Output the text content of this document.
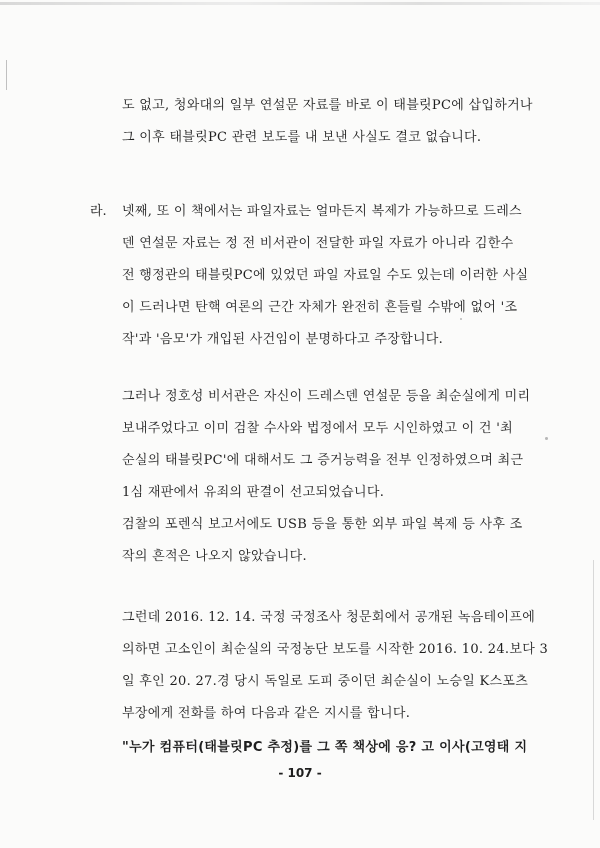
도 없고, 청와대의 일부 연설문 자료를 바로 이 태블릿PC에 삽입하거나
그 이후 태블릿PC 관련 보도를 내 보낸 사실도 결코 없습니다.
라. 넷째, 또 이 책에서는 파일자료는 얼마든지 복제가 가능하므로 드레스
덴 연설문 자료는 정 전 비서관이 전달한 파일 자료가 아니라 김한수
전 행정관의 태블릿PC에 있었던 파일 자료일 수도 있는데 이러한 사실
이 드러나면 탄핵 여론의 근간 자체가 완전히 흔들릴 수밖에 없어 '조
작'과 '음모'가 개입된 사건임이 분명하다고 주장합니다.
그러나 정호성 비서관은 자신이 드레스덴 연설문 등을 최순실에게 미리
보내주었다고 이미 검찰 수사와 법정에서 모두 시인하였고 이 건 '최
순실의 태블릿PC'에 대해서도 그 증거능력을 전부 인정하였으며 최근
1심 재판에서 유죄의 판결이 선고되었습니다.
검찰의 포렌식 보고서에도 USB 등을 통한 외부 파일 복제 등 사후 조
작의 흔적은 나오지 않았습니다.
그런데 2016. 12. 14. 국정 국정조사 청문회에서 공개된 녹음테이프에
의하면 고소인이 최순실의 국정농단 보도를 시작한 2016. 10. 24.보다 3
일 후인 20. 27.경 당시 독일로 도피 중이던 최순실이 노승일 K스포츠
부장에게 전화를 하여 다음과 같은 지시를 합니다.
"누가 컴퓨터(태블릿PC 추정)를 그 쪽 책상에 응? 고 이사(고영태 지
- 107 -
